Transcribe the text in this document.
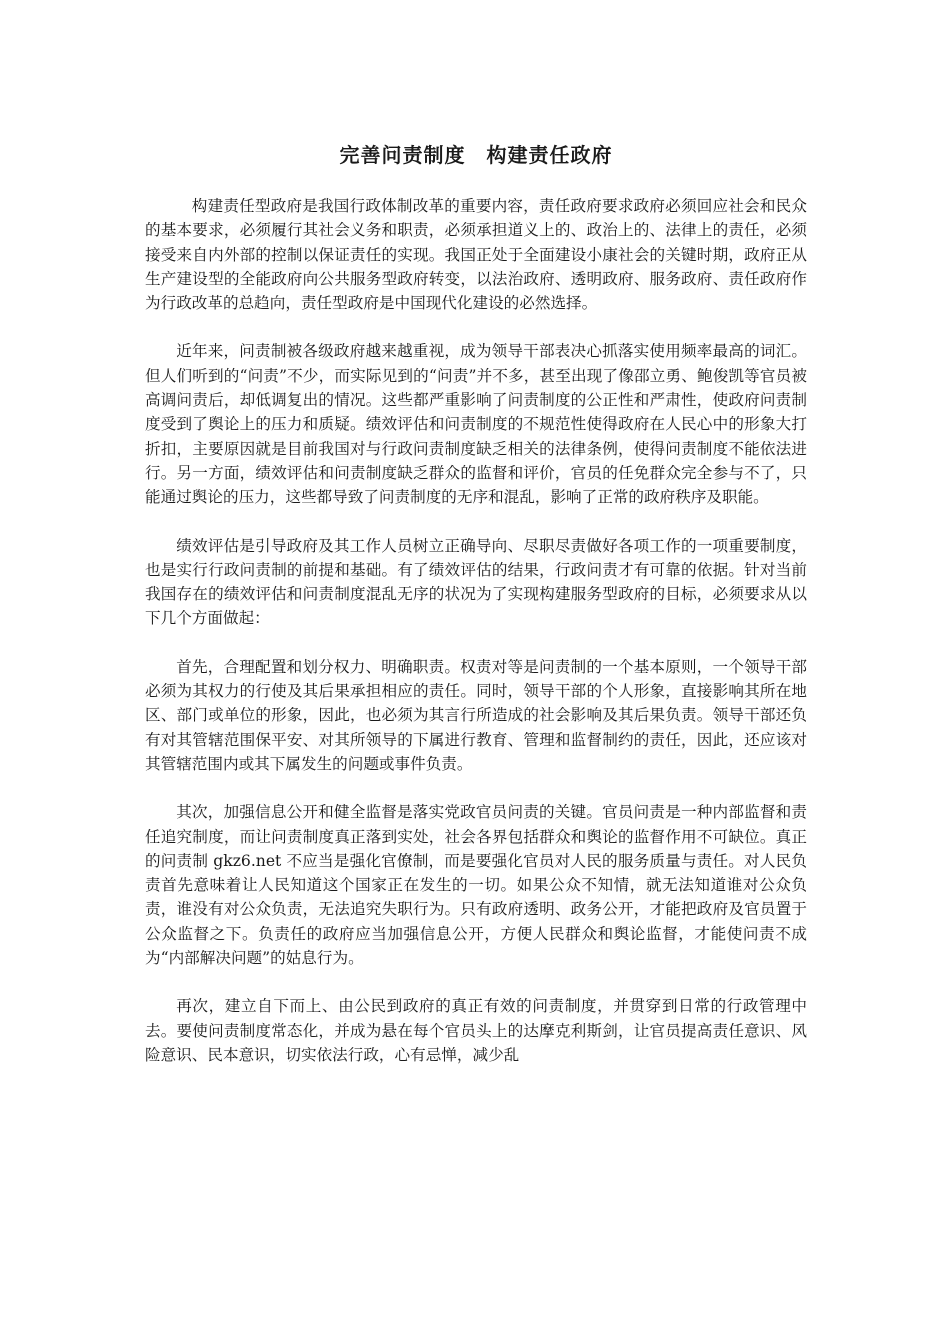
完善问责制度　构建责任政府

构建责任型政府是我国行政体制改革的重要内容，责任政府要求政府必须回应社会和民众的基本要求，必须履行其社会义务和职责，必须承担道义上的、政治上的、法律上的责任，必须接受来自内外部的控制以保证责任的实现。我国正处于全面建设小康社会的关键时期，政府正从生产建设型的全能政府向公共服务型政府转变，以法治政府、透明政府、服务政府、责任政府作为行政改革的总趋向，责任型政府是中国现代化建设的必然选择。

近年来，问责制被各级政府越来越重视，成为领导干部表决心抓落实使用频率最高的词汇。但人们听到的“问责”不少，而实际见到的“问责”并不多，甚至出现了像邵立勇、鲍俊凯等官员被高调问责后，却低调复出的情况。这些都严重影响了问责制度的公正性和严肃性，使政府问责制度受到了舆论上的压力和质疑。绩效评估和问责制度的不规范性使得政府在人民心中的形象大打折扣，主要原因就是目前我国对与行政问责制度缺乏相关的法律条例，使得问责制度不能依法进行。另一方面，绩效评估和问责制度缺乏群众的监督和评价，官员的任免群众完全参与不了，只能通过舆论的压力，这些都导致了问责制度的无序和混乱，影响了正常的政府秩序及职能。

绩效评估是引导政府及其工作人员树立正确导向、尽职尽责做好各项工作的一项重要制度，也是实行行政问责制的前提和基础。有了绩效评估的结果，行政问责才有可靠的依据。针对当前我国存在的绩效评估和问责制度混乱无序的状况为了实现构建服务型政府的目标，必须要求从以下几个方面做起：

首先，合理配置和划分权力、明确职责。权责对等是问责制的一个基本原则，一个领导干部必须为其权力的行使及其后果承担相应的责任。同时，领导干部的个人形象，直接影响其所在地区、部门或单位的形象，因此，也必须为其言行所造成的社会影响及其后果负责。领导干部还负有对其管辖范围保平安、对其所领导的下属进行教育、管理和监督制约的责任，因此，还应该对其管辖范围内或其下属发生的问题或事件负责。

其次，加强信息公开和健全监督是落实党政官员问责的关键。官员问责是一种内部监督和责任追究制度，而让问责制度真正落到实处，社会各界包括群众和舆论的监督作用不可缺位。真正的问责制 gkz6.net 不应当是强化官僚制，而是要强化官员对人民的服务质量与责任。对人民负责首先意味着让人民知道这个国家正在发生的一切。如果公众不知情，就无法知道谁对公众负责，谁没有对公众负责，无法追究失职行为。只有政府透明、政务公开，才能把政府及官员置于公众监督之下。负责任的政府应当加强信息公开，方便人民群众和舆论监督，才能使问责不成为“内部解决问题”的姑息行为。

再次，建立自下而上、由公民到政府的真正有效的问责制度，并贯穿到日常的行政管理中去。要使问责制度常态化，并成为悬在每个官员头上的达摩克利斯剑，让官员提高责任意识、风险意识、民本意识，切实依法行政，心有忌惮，减少乱
